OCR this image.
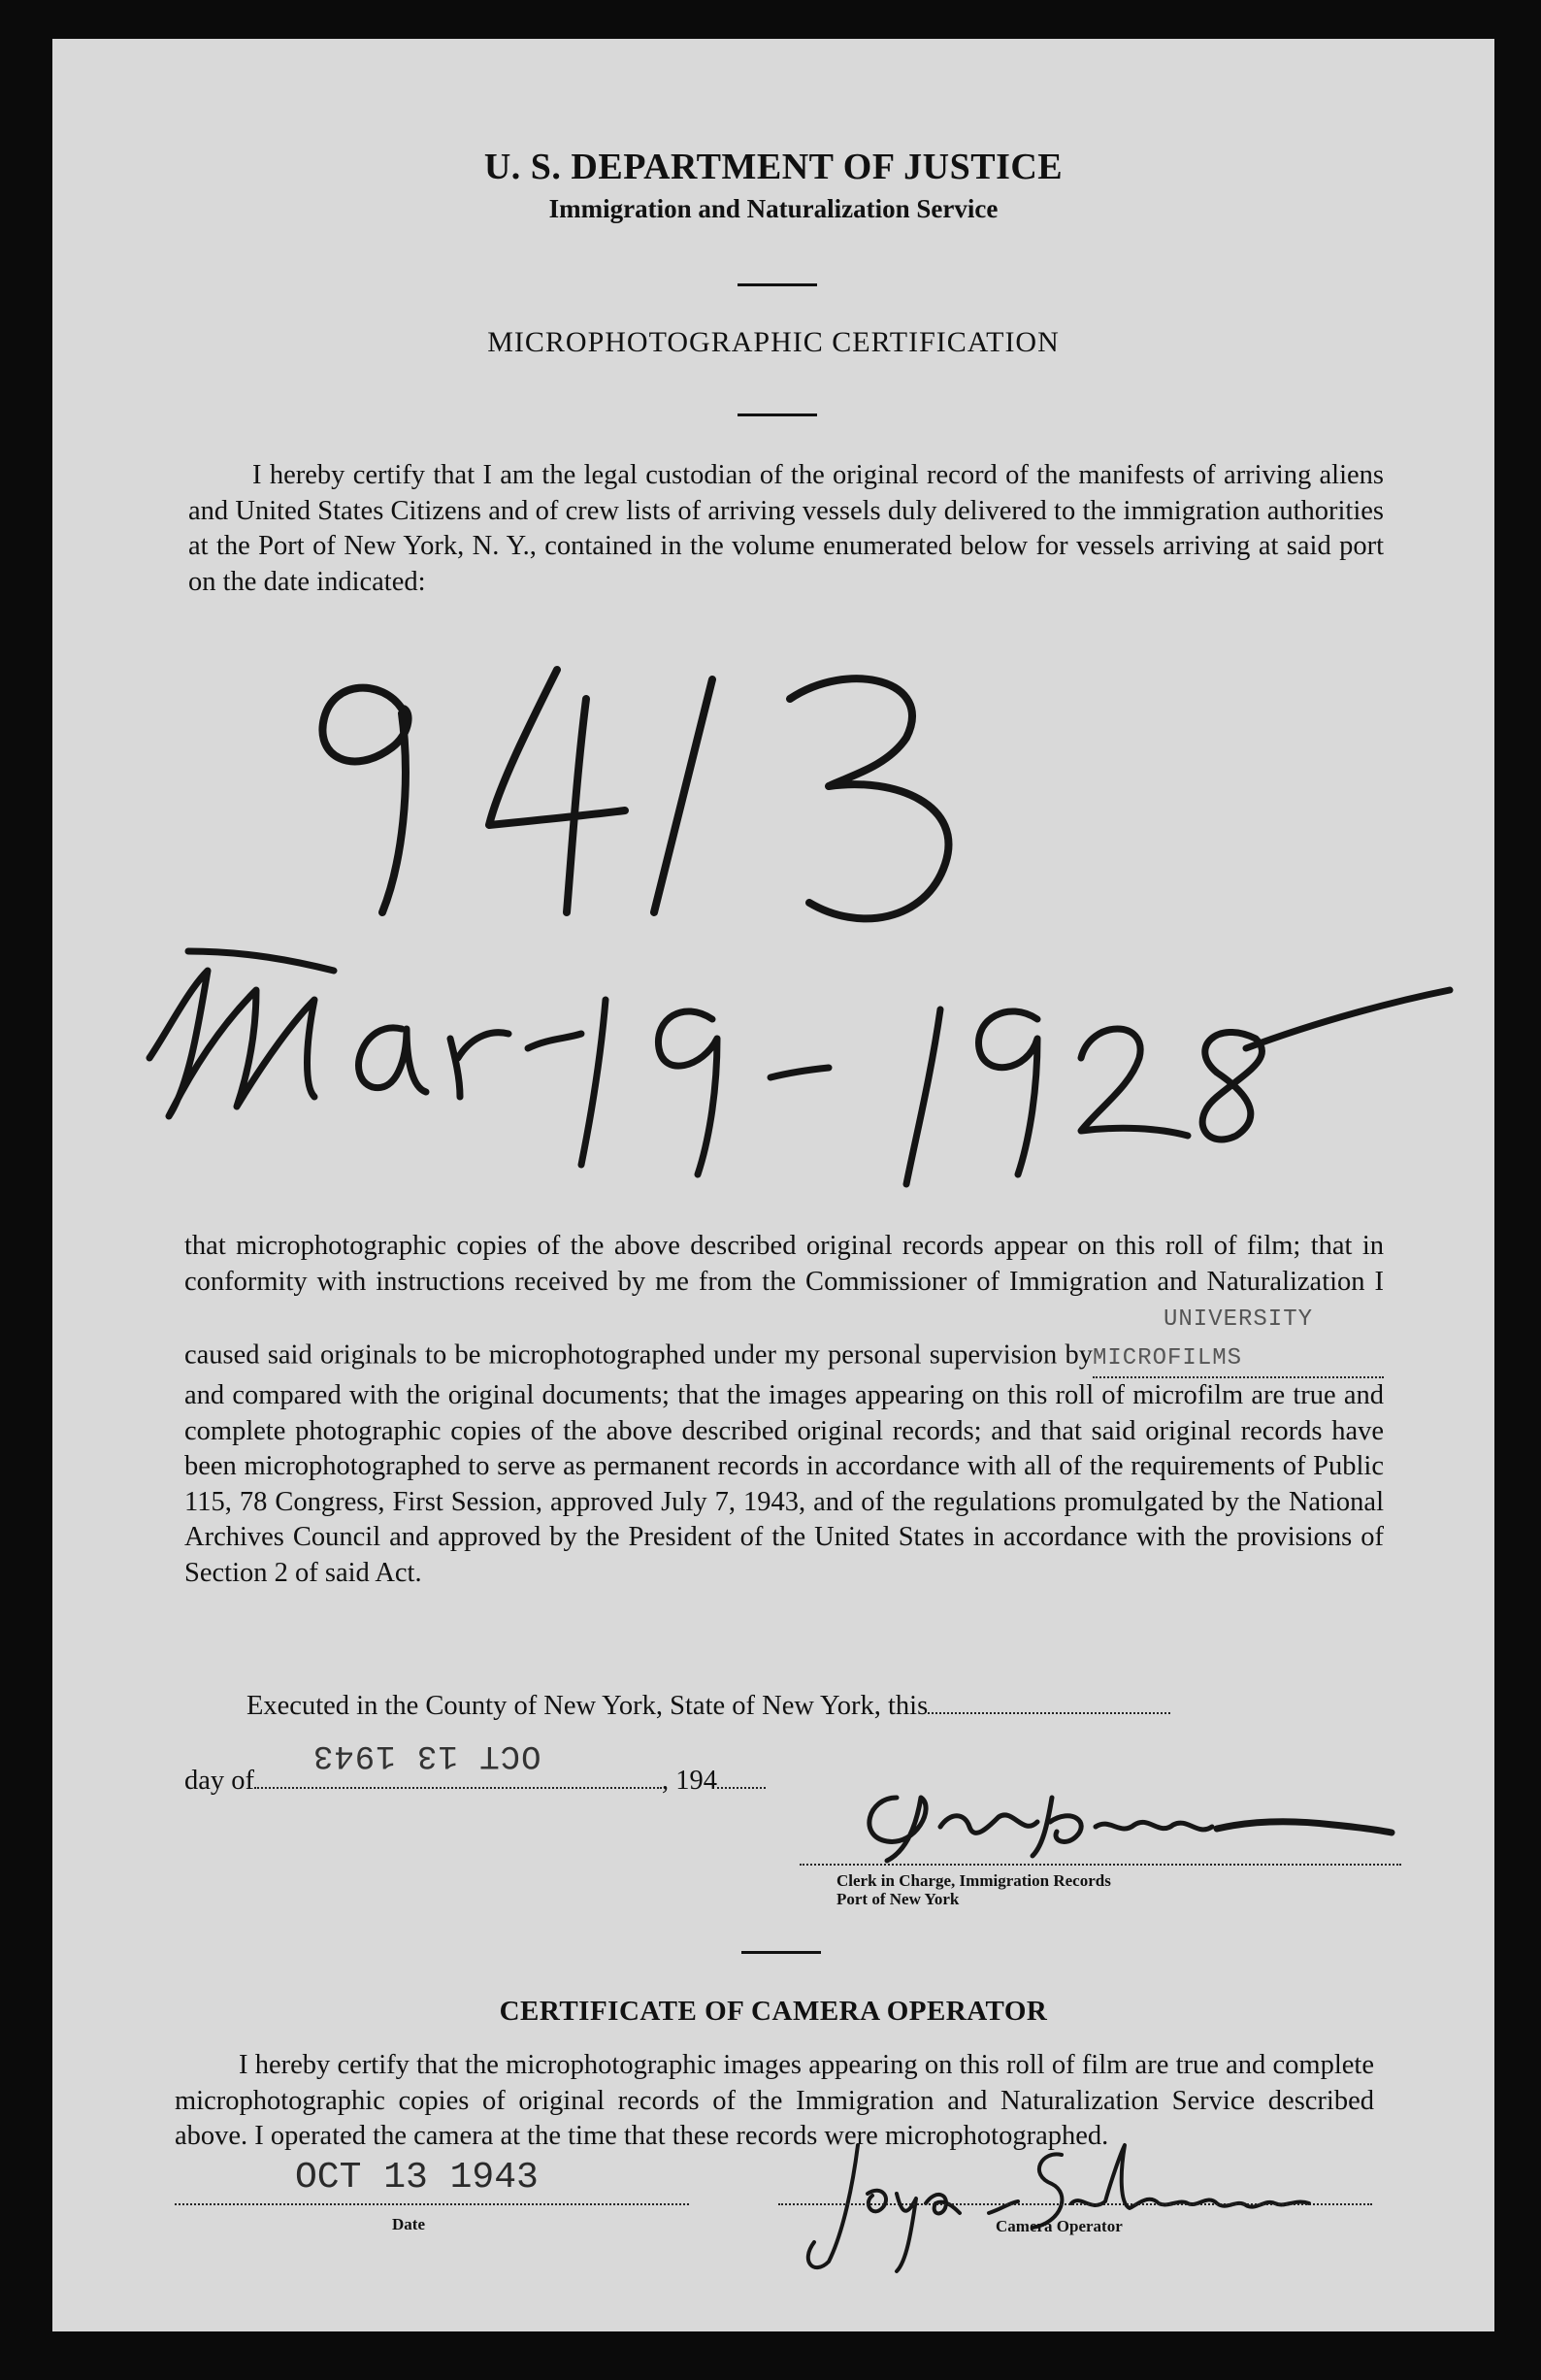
U. S. DEPARTMENT OF JUSTICE
Immigration and Naturalization Service
MICROPHOTOGRAPHIC CERTIFICATION
I hereby certify that I am the legal custodian of the original record of the manifests of arriving aliens and United States Citizens and of crew lists of arriving vessels duly delivered to the immigration authorities at the Port of New York, N. Y., contained in the volume enumerated below for vessels arriving at said port on the date indicated:
that microphotographic copies of the above described original records appear on this roll of film; that in conformity with instructions received by me from the Commissioner of Immigration and Naturalization I caused said originals to be microphotographed under my personal supervision byUNIVERSITY MICROFILMS and compared with the original documents; that the images appearing on this roll of microfilm are true and complete photographic copies of the above described original records; and that said original records have been microphotographed to serve as permanent records in accordance with all of the requirements of Public 115, 78 Congress, First Session, approved July 7, 1943, and of the regulations promulgated by the National Archives Council and approved by the President of the United States in accordance with the provisions of Section 2 of said Act.
Executed in the County of New York, State of New York, this
day of
OCT 13 1943
, 194
Clerk in Charge, Immigration Records
Port of New York
CERTIFICATE OF CAMERA OPERATOR
I hereby certify that the microphotographic images appearing on this roll of film are true and complete microphotographic copies of original records of the Immigration and Naturalization Service described above. I operated the camera at the time that these records were microphotographed.
OCT 13 1943
Date	Camera Operator
